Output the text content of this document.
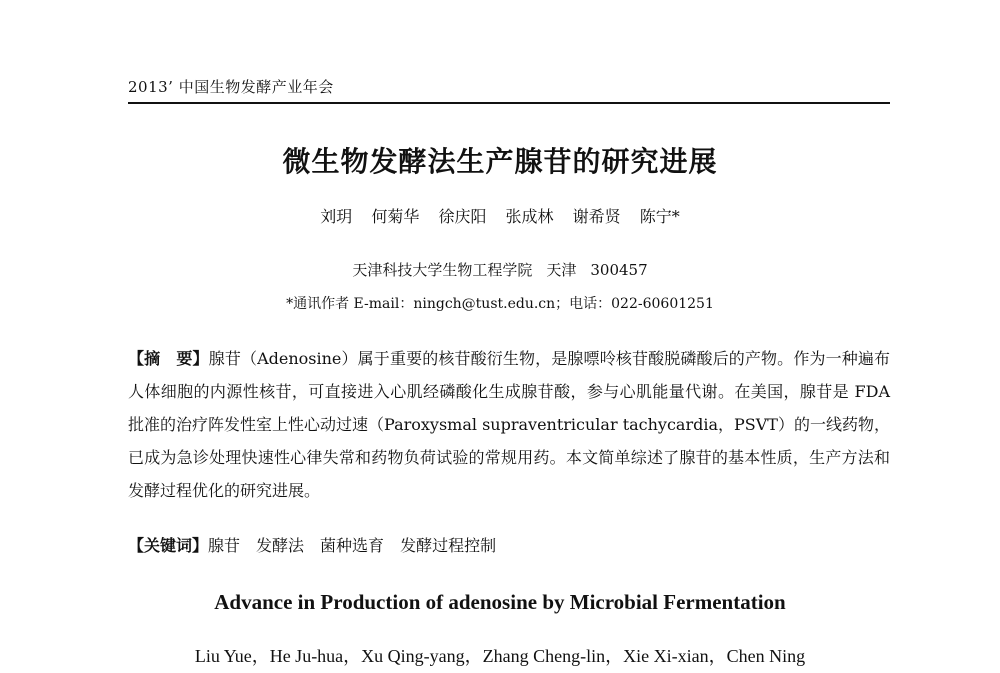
2013’ 中国生物发酵产业年会
微生物发酵法生产腺苷的研究进展
刘玥 何菊华 徐庆阳 张成林 谢希贤 陈宁*
天津科技大学生物工程学院 天津 300457
*通讯作者 E-mail：ningch@tust.edu.cn；电话：022-60601251
【摘　要】腺苷（Adenosine）属于重要的核苷酸衍生物，是腺嘌呤核苷酸脱磷酸后的产物。作为一种遍布人体细胞的内源性核苷，可直接进入心肌经磷酸化生成腺苷酸，参与心肌能量代谢。在美国，腺苷是 FDA 批准的治疗阵发性室上性心动过速（Paroxysmal supraventricular tachycardia，PSVT）的一线药物，已成为急诊处理快速性心律失常和药物负荷试验的常规用药。本文简单综述了腺苷的基本性质，生产方法和发酵过程优化的研究进展。
【关键词】腺苷 发酵法 菌种选育 发酵过程控制
Advance in Production of adenosine by Microbial Fermentation
Liu Yue，He Ju-hua，Xu Qing-yang，Zhang Cheng-lin，Xie Xi-xian，Chen Ning
